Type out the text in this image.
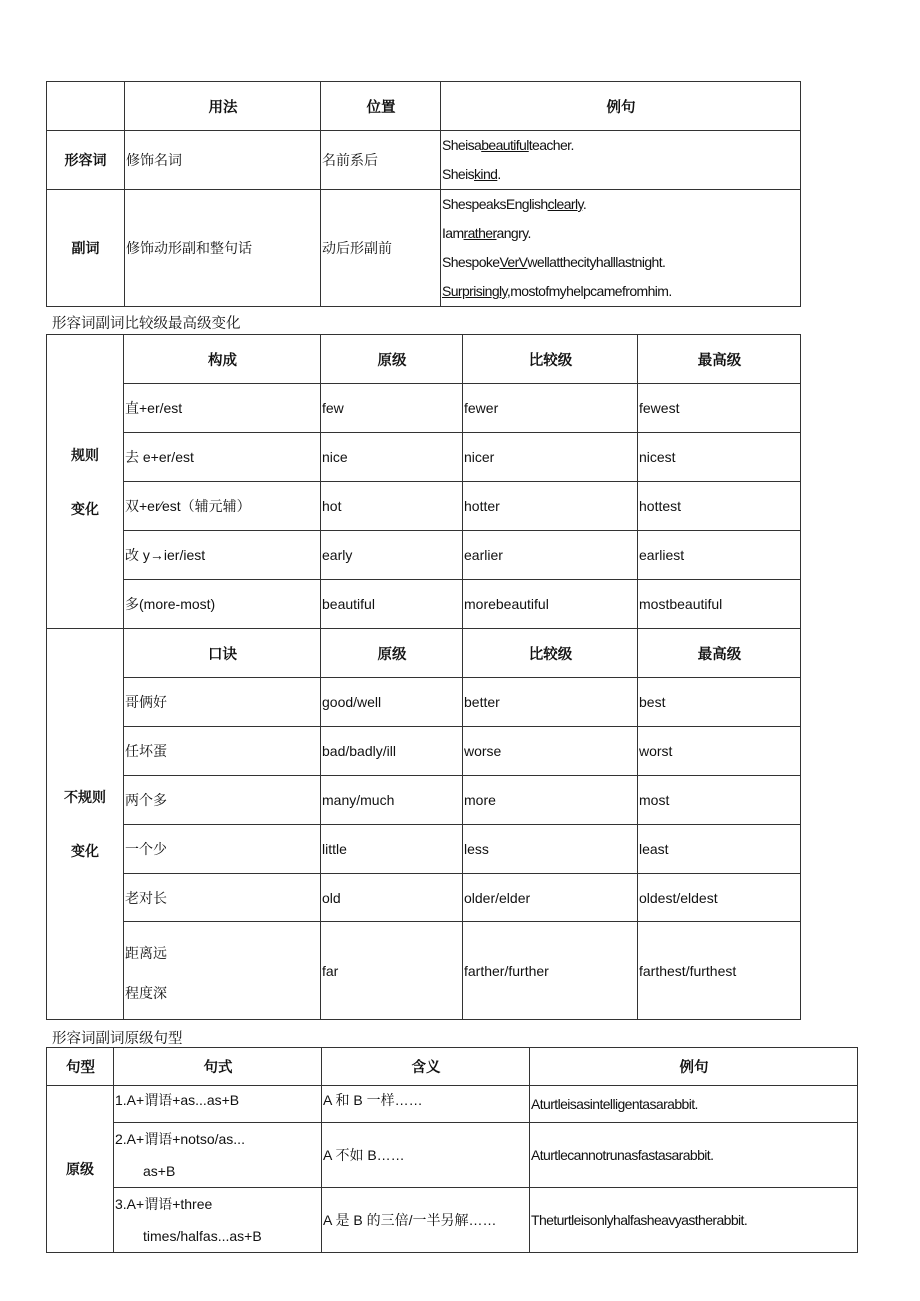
	用法	位置	例句
形容词	修饰名词	名前系后	Sheisabeautifulteacher.
Sheiskind.

副词	修饰动形副和整句话	动后形副前	ShespeaksEnglishclearly.
Iamratherangry.
ShespokeVerVwellatthecityhalllastnight.
Surprisingly,mostofmyhelpcamefromhim.
形容词副词比较级最高级变化
规则
变化	构成	原级	比较级	最高级
	直+er/est	few	fewer	fewest
	去 e+er/est	nice	nicer	nicest
	双+er∕est（辅元辅）	hot	hotter	hottest
	改 y→ier/iest	early	earlier	earliest
	多(more-most)	beautiful	morebeautiful	mostbeautiful
不规则
变化	口诀	原级	比较级	最高级
	哥俩好	good/well	better	best
	任坏蛋	bad/badly/ill	worse	worst
	两个多	many/much	more	most
	一个少	little	less	least
	老对长	old	older/elder	oldest/eldest

	距离远
程度深	far	farther/further	farthest/furthest
形容词副词原级句型
句型	句式	含义	例句
原级	1.A+谓语+as...as+B	A 和 B 一样……	Aturtleisasintelligentasarabbit.

	2.A+谓语+notso/as...
as+B	A 不如 B……	Aturtlecannotrunasfastasarabbit.

	3.A+谓语+three
times/halfas...as+B	A 是 B 的三倍/一半另解……	Theturtleisonlyhalfasheavyastherabbit.
